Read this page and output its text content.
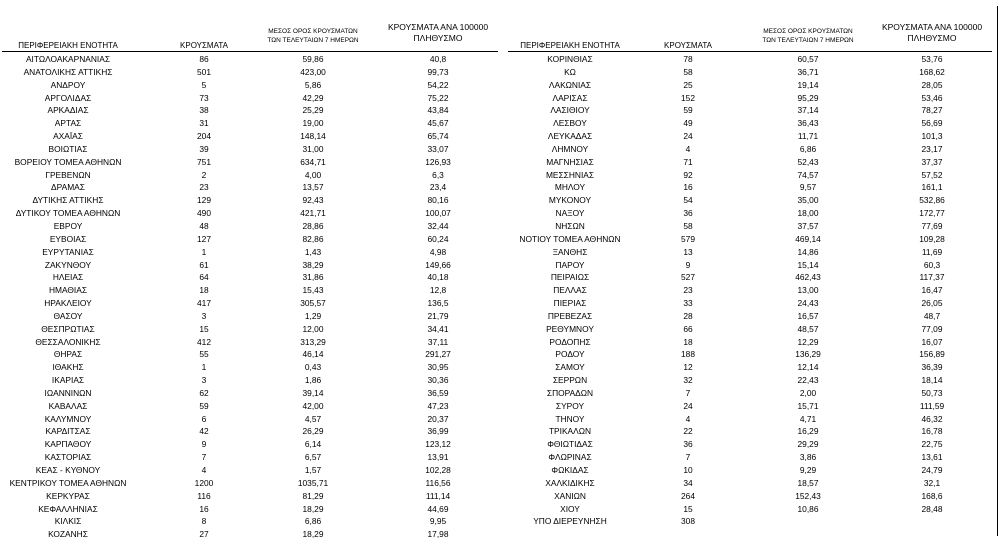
ΠΕΡΙΦΕΡΕΙΑΚΗ ΕΝΟΤΗΤΑ	ΚΡΟΥΣΜΑΤΑ
ΜΕΣΟΣ ΟΡΟΣ ΚΡΟΥΣΜΑΤΩΝ
ΤΩΝ ΤΕΛΕΥΤΑΙΩΝ 7 ΗΜΕΡΩΝ
ΚΡΟΥΣΜΑΤΑ ΑΝΑ 100000
ΠΛΗΘΥΣΜΟ
ΠΕΡΙΦΕΡΕΙΑΚΗ ΕΝΟΤΗΤΑ	ΚΡΟΥΣΜΑΤΑ
ΜΕΣΟΣ ΟΡΟΣ ΚΡΟΥΣΜΑΤΩΝ
ΤΩΝ ΤΕΛΕΥΤΑΙΩΝ 7 ΗΜΕΡΩΝ
ΚΡΟΥΣΜΑΤΑ ΑΝΑ 100000
ΠΛΗΘΥΣΜΟ
ΑΙΤΩΛΟΑΚΑΡΝΑΝΙΑΣ	86	59,86	40,8
ΑΝΑΤΟΛΙΚΗΣ ΑΤΤΙΚΗΣ	501	423,00	99,73
ΑΝΔΡΟΥ	5	5,86	54,22
ΑΡΓΟΛΙΔΑΣ	73	42,29	75,22
ΑΡΚΑΔΙΑΣ	38	25,29	43,84
ΑΡΤΑΣ	31	19,00	45,67
ΑΧΑΪΑΣ	204	148,14	65,74
ΒΟΙΩΤΙΑΣ	39	31,00	33,07
ΒΟΡΕΙΟΥ ΤΟΜΕΑ ΑΘΗΝΩΝ	751	634,71	126,93
ΓΡΕΒΕΝΩΝ	2	4,00	6,3
ΔΡΑΜΑΣ	23	13,57	23,4
ΔΥΤΙΚΗΣ ΑΤΤΙΚΗΣ	129	92,43	80,16
ΔΥΤΙΚΟΥ ΤΟΜΕΑ ΑΘΗΝΩΝ	490	421,71	100,07
ΕΒΡΟΥ	48	28,86	32,44
ΕΥΒΟΙΑΣ	127	82,86	60,24
ΕΥΡΥΤΑΝΙΑΣ	1	1,43	4,98
ΖΑΚΥΝΘΟΥ	61	38,29	149,66
ΗΛΕΙΑΣ	64	31,86	40,18
ΗΜΑΘΙΑΣ	18	15,43	12,8
ΗΡΑΚΛΕΙΟΥ	417	305,57	136,5
ΘΑΣΟΥ	3	1,29	21,79
ΘΕΣΠΡΩΤΙΑΣ	15	12,00	34,41
ΘΕΣΣΑΛΟΝΙΚΗΣ	412	313,29	37,11
ΘΗΡΑΣ	55	46,14	291,27
ΙΘΑΚΗΣ	1	0,43	30,95
ΙΚΑΡΙΑΣ	3	1,86	30,36
ΙΩΑΝΝΙΝΩΝ	62	39,14	36,59
ΚΑΒΑΛΑΣ	59	42,00	47,23
ΚΑΛΥΜΝΟΥ	6	4,57	20,37
ΚΑΡΔΙΤΣΑΣ	42	26,29	36,99
ΚΑΡΠΑΘΟΥ	9	6,14	123,12
ΚΑΣΤΟΡΙΑΣ	7	6,57	13,91
ΚΕΑΣ - ΚΥΘΝΟΥ	4	1,57	102,28
ΚΕΝΤΡΙΚΟΥ ΤΟΜΕΑ ΑΘΗΝΩΝ	1200	1035,71	116,56
ΚΕΡΚΥΡΑΣ	116	81,29	111,14
ΚΕΦΑΛΛΗΝΙΑΣ	16	18,29	44,69
ΚΙΛΚΙΣ	8	6,86	9,95
ΚΟΖΑΝΗΣ	27	18,29	17,98
ΚΟΡΙΝΘΙΑΣ	78	60,57	53,76
ΚΩ	58	36,71	168,62
ΛΑΚΩΝΙΑΣ	25	19,14	28,05
ΛΑΡΙΣΑΣ	152	95,29	53,46
ΛΑΣΙΘΙΟΥ	59	37,14	78,27
ΛΕΣΒΟΥ	49	36,43	56,69
ΛΕΥΚΑΔΑΣ	24	11,71	101,3
ΛΗΜΝΟΥ	4	6,86	23,17
ΜΑΓΝΗΣΙΑΣ	71	52,43	37,37
ΜΕΣΣΗΝΙΑΣ	92	74,57	57,52
ΜΗΛΟΥ	16	9,57	161,1
ΜΥΚΟΝΟΥ	54	35,00	532,86
ΝΑΞΟΥ	36	18,00	172,77
ΝΗΣΩΝ	58	37,57	77,69
ΝΟΤΙΟΥ ΤΟΜΕΑ ΑΘΗΝΩΝ	579	469,14	109,28
ΞΑΝΘΗΣ	13	14,86	11,69
ΠΑΡΟΥ	9	15,14	60,3
ΠΕΙΡΑΙΩΣ	527	462,43	117,37
ΠΕΛΛΑΣ	23	13,00	16,47
ΠΙΕΡΙΑΣ	33	24,43	26,05
ΠΡΕΒΕΖΑΣ	28	16,57	48,7
ΡΕΘΥΜΝΟΥ	66	48,57	77,09
ΡΟΔΟΠΗΣ	18	12,29	16,07
ΡΟΔΟΥ	188	136,29	156,89
ΣΑΜΟΥ	12	12,14	36,39
ΣΕΡΡΩΝ	32	22,43	18,14
ΣΠΟΡΑΔΩΝ	7	2,00	50,73
ΣΥΡΟΥ	24	15,71	111,59
ΤΗΝΟΥ	4	4,71	46,32
ΤΡΙΚΑΛΩΝ	22	16,29	16,78
ΦΘΙΩΤΙΔΑΣ	36	29,29	22,75
ΦΛΩΡΙΝΑΣ	7	3,86	13,61
ΦΩΚΙΔΑΣ	10	9,29	24,79
ΧΑΛΚΙΔΙΚΗΣ	34	18,57	32,1
ΧΑΝΙΩΝ	264	152,43	168,6
ΧΙΟΥ	15	10,86	28,48
ΥΠΟ ΔΙΕΡΕΥΝΗΣΗ	308
